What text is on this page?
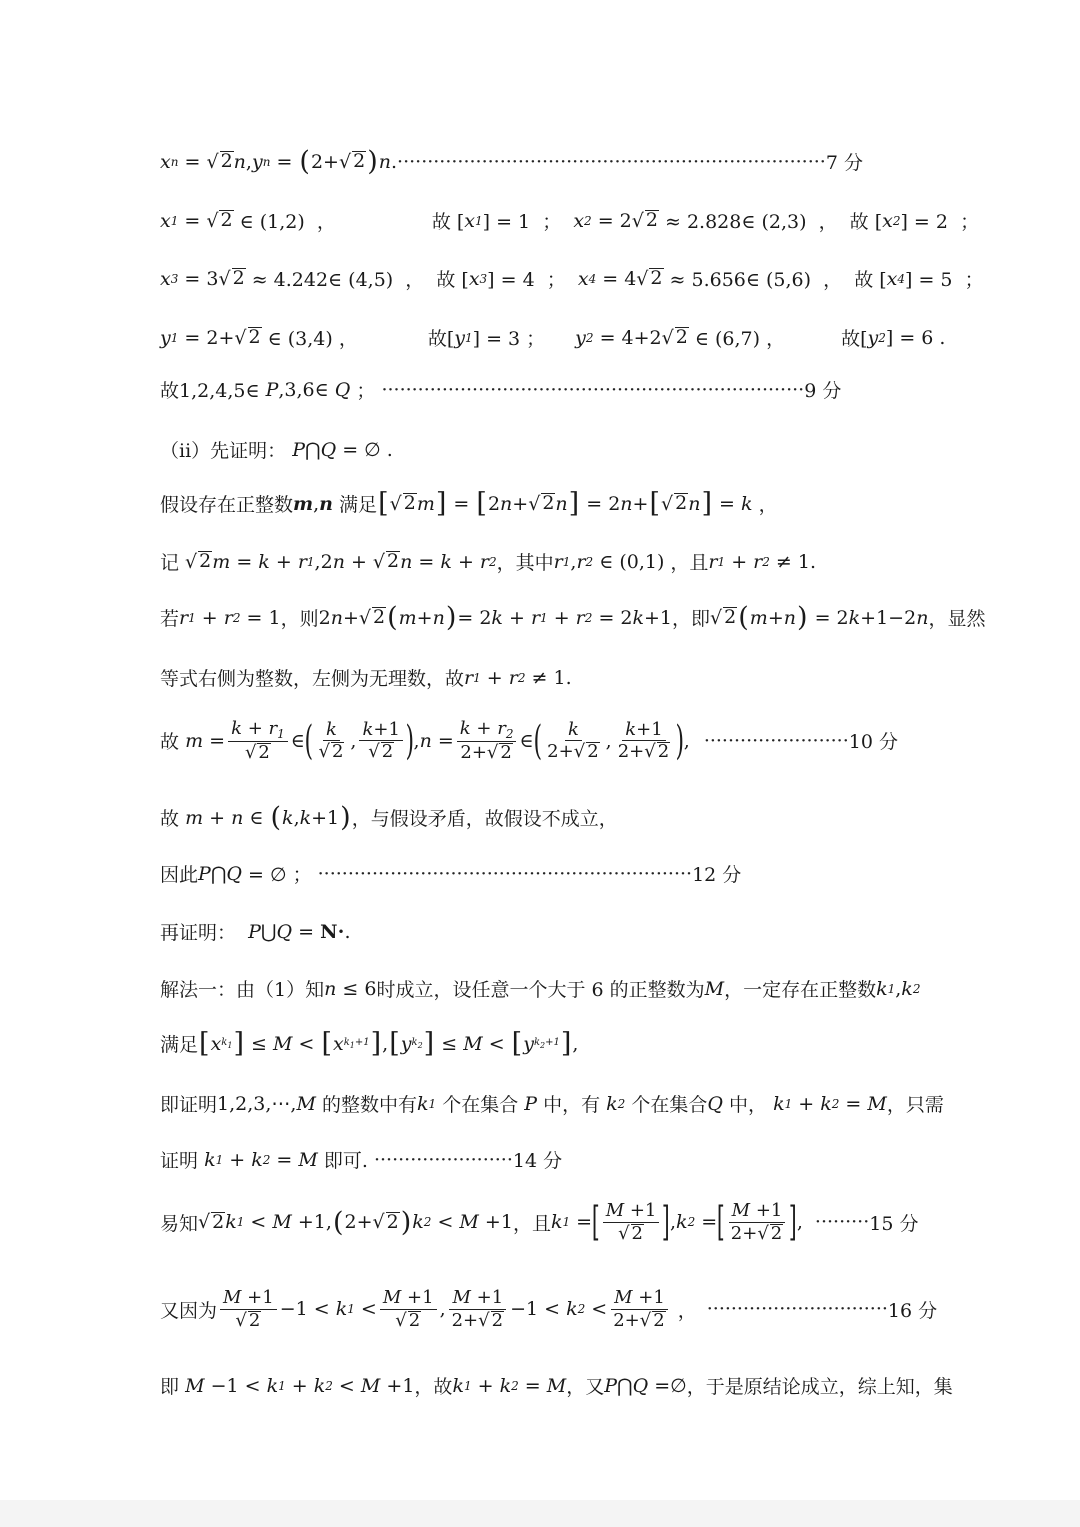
x n = √ 2 n , y n = ( 2+√ 2 ) n . ······································································· 7 分
x 1 = √ 2 ∈ (1,2)  ，	故 [ x 1 ] = 1  ； x 2 = 2√ 2 ≈ 2.828∈ (2,3)  ，  故 [ x 2 ] = 2  ；
x 3 = 3√ 2 ≈ 4.242∈ (4,5)  ，  故 [ x 3 ] = 4  ； x 4 = 4√ 2 ≈ 5.656∈ (5,6)  ，  故 [ x 4 ] = 5  ；
y 1 = 2+√ 2 ∈ (3,4) ，	故[ y 1 ] = 3 ； y 2 = 4+2√ 2 ∈ (6,7) ，	故[ y 2 ] = 6 .
故1,2,4,5∈
P ,3,6∈ Q
； ······································································ 9 分
（ii）先证明：
P ⋂ Q = ∅ .
假设存在正整数 m , n
满足 [ √ 2 m ] = [ 2 n +√ 2 n ] = 2 n + [ √ 2 n ] = k ，
记 √ 2 m = k + r 1 ,2 n + √ 2 n = k + r 2 ，其中 r 1 , r 2 ∈ (0,1) ，且 r 1 + r 2 ≠ 1.
若 r 1 + r 2 = 1 ，则 2 n +√ 2 ( m + n ) = 2 k + r 1 + r 2 = 2 k +1 ，即 √ 2 ( m + n ) = 2 k +1−2 n ，显然
等式右侧为整数，左侧为无理数，故 r 1 + r 2 ≠ 1.
故
$m = \frac{k + r_1}{√ 2}$ ∈ ( $\frac{k}{√ 2}$ , $\frac{k+1}{√ 2}$ ) , $n = \frac{k + r_2}{2+√ 2}$ ∈ ( $\frac{k}{2+√ 2}$ , $\frac{k+1}{2+√ 2}$ ) , ························ 10 分
故
m + n ∈ ( k , k +1 ) ，与假设矛盾，故假设不成立，
因此 P ⋂ Q = ∅ ； ······························································ 12 分
再证明：
P ⋃ Q = N • .
解法一：由（1）知 n ≤ 6 时成立，设任意一个大于 6 的正整数为 M ，一定存在正整数 k 1 , k 2
满足 [ x $k_1$ ] ≤ M < [ x $k_1+1$ ] , [ y $k_2$ ] ≤ M < [ y $k_2+1$ ] ,
即证明 1,2,3,⋯, M
的整数中有 k 1
个在集合
P
中，有
k 2
个在集合 Q
中，
k 1 + k 2 = M ，只需
证明
k 1 + k 2 = M
即可. ······················· 14 分
易知 √ 2 k 1 < M +1, ( 2+√ 2 ) k 2 < M +1 ，且 k 1 = [ $\frac{M +1}{√ 2}$ ] , k 2 = [ $\frac{M +1}{2+√ 2}$ ] , ········· 15 分
又因为 $\frac{M +1}{√ 2} -1 < k$ $1 < \frac{M +1}{√ 2}$ , $\frac{M +1}{2+√ 2} -1 < k$ $2 < \frac{M +1}{2+√ 2}$ ， ······························ 16 分
即
M −1 < k 1 + k 2 < M +1 ，故 k 1 + k 2 = M ，又 P ⋂ Q =∅ ，于是原结论成立，综上知，集
